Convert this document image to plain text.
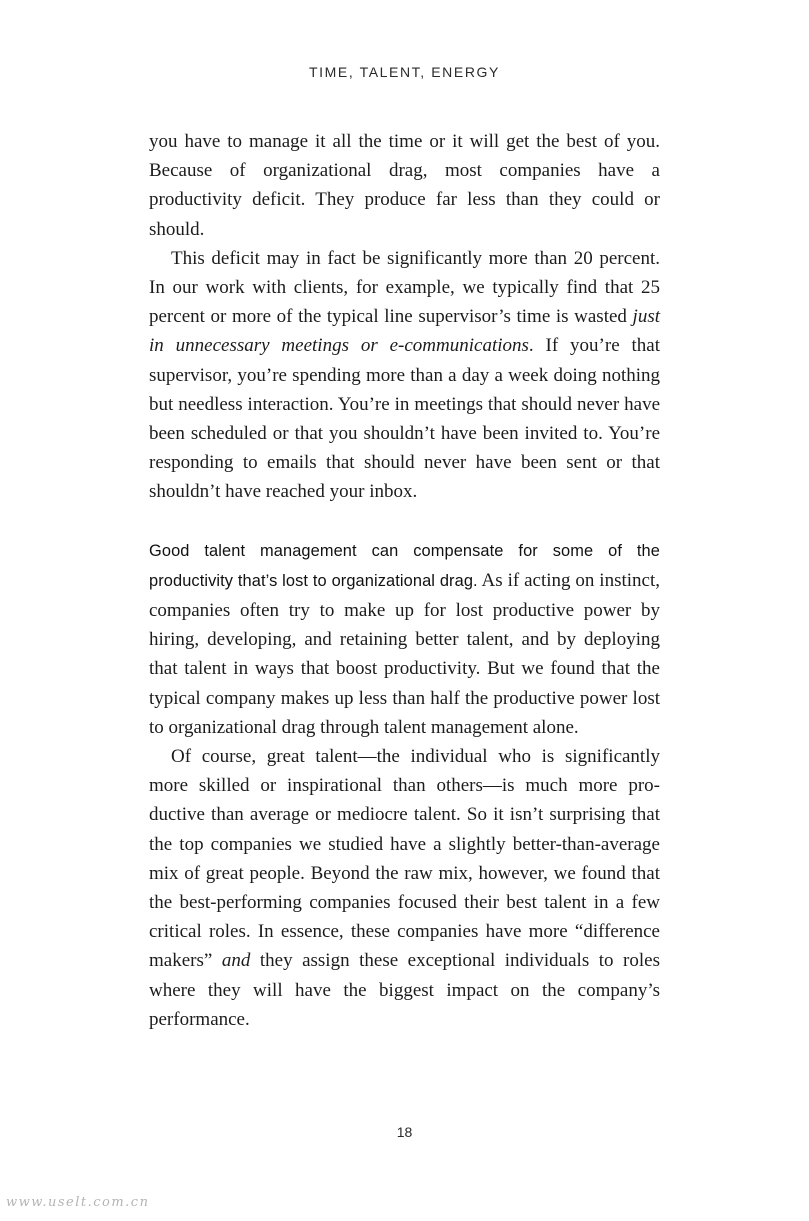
TIME, TALENT, ENERGY

you have to manage it all the time or it will get the best of you. Because of organizational drag, most companies have a productivity deficit. They produce far less than they could or should.

This deficit may in fact be significantly more than 20 percent. In our work with clients, for example, we typically find that 25 percent or more of the typical line supervisor’s time is wasted just in unnecessary meetings or e-communications. If you’re that supervisor, you’re spending more than a day a week doing nothing but needless interaction. You’re in meetings that should never have been scheduled or that you shouldn’t have been invited to. You’re responding to emails that should never have been sent or that shouldn’t have reached your inbox.

Good talent management can compensate for some of the productivity that’s lost to organizational drag. As if acting on instinct, companies often try to make up for lost productive power by hiring, developing, and retaining better talent, and by deploying that talent in ways that boost productivity. But we found that the typical company makes up less than half the productive power lost to organizational drag through talent management alone.

Of course, great talent—the individual who is significantly more skilled or inspirational than others—is much more productive than average or mediocre talent. So it isn’t surprising that the top companies we studied have a slightly better-than-average mix of great people. Beyond the raw mix, however, we found that the best-performing companies focused their best talent in a few critical roles. In essence, these companies have more “difference makers” and they assign these exceptional individuals to roles where they will have the biggest impact on the company’s performance.

18
www.uselt.com.cn
